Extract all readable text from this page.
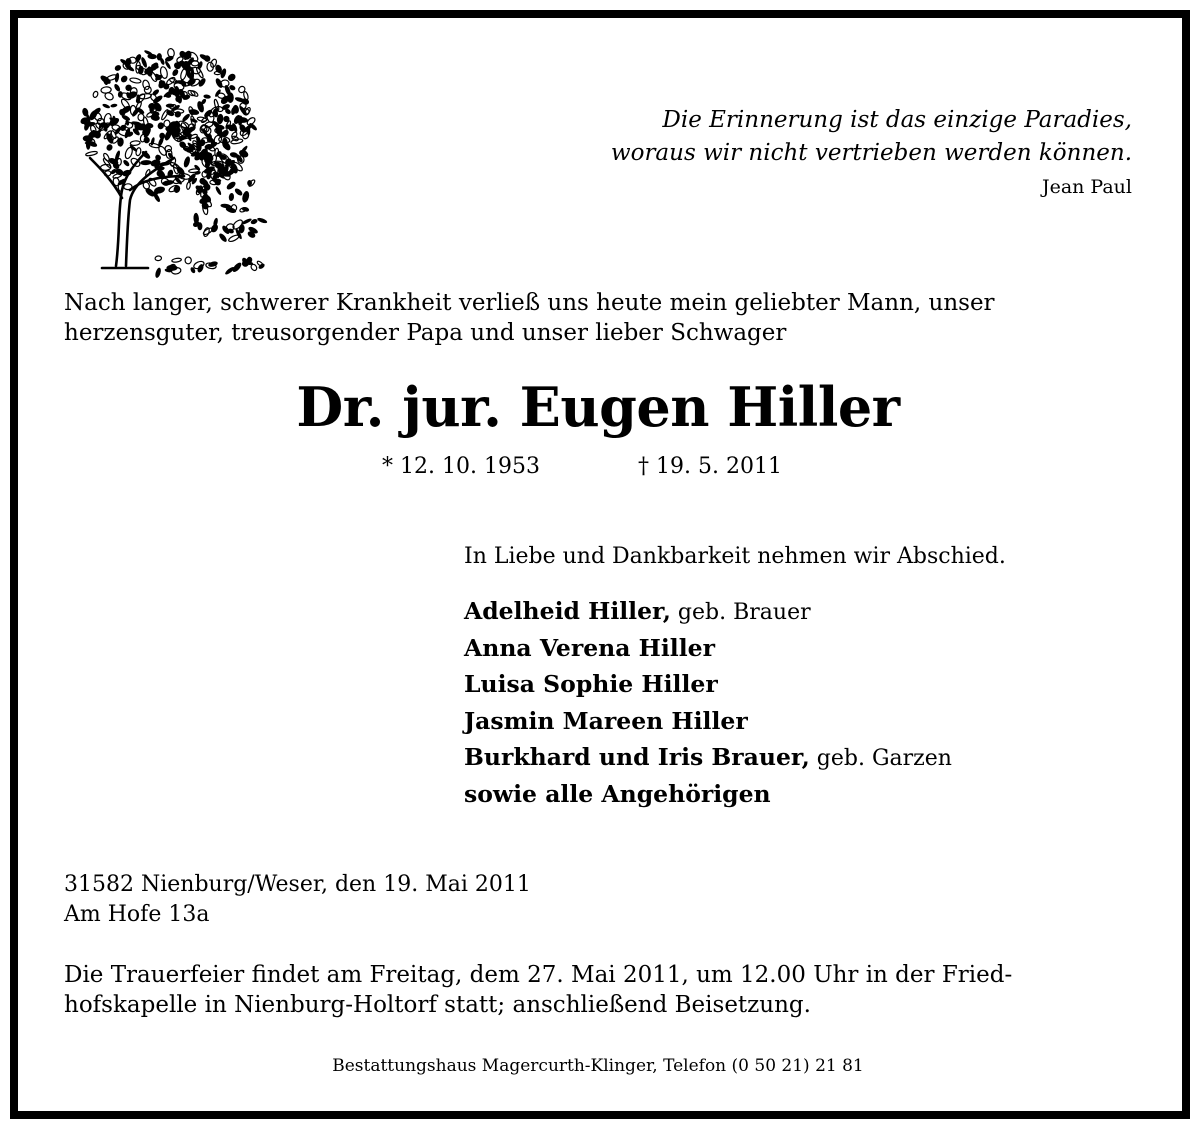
Die Erinnerung ist das einzige Paradies,
woraus wir nicht vertrieben werden können.

Jean Paul

Nach langer, schwerer Krankheit verließ uns heute mein geliebter Mann, unser
herzensguter, treusorgender Papa und unser lieber Schwager

Dr. jur. Eugen Hiller

* 12. 10. 1953	† 19. 5. 2011

In Liebe und Dankbarkeit nehmen wir Abschied.

Adelheid Hiller, geb. Brauer
Anna Verena Hiller
Luisa Sophie Hiller
Jasmin Mareen Hiller
Burkhard und Iris Brauer, geb. Garzen
sowie alle Angehörigen

31582 Nienburg/Weser, den 19. Mai 2011

Am Hofe 13a

Die Trauerfeier findet am Freitag, dem 27. Mai 2011, um 12.00 Uhr in der Fried-
hofskapelle in Nienburg-Holtorf statt; anschließend Beisetzung.

Bestattungshaus Magercurth-Klinger, Telefon (0 50 21) 21 81
